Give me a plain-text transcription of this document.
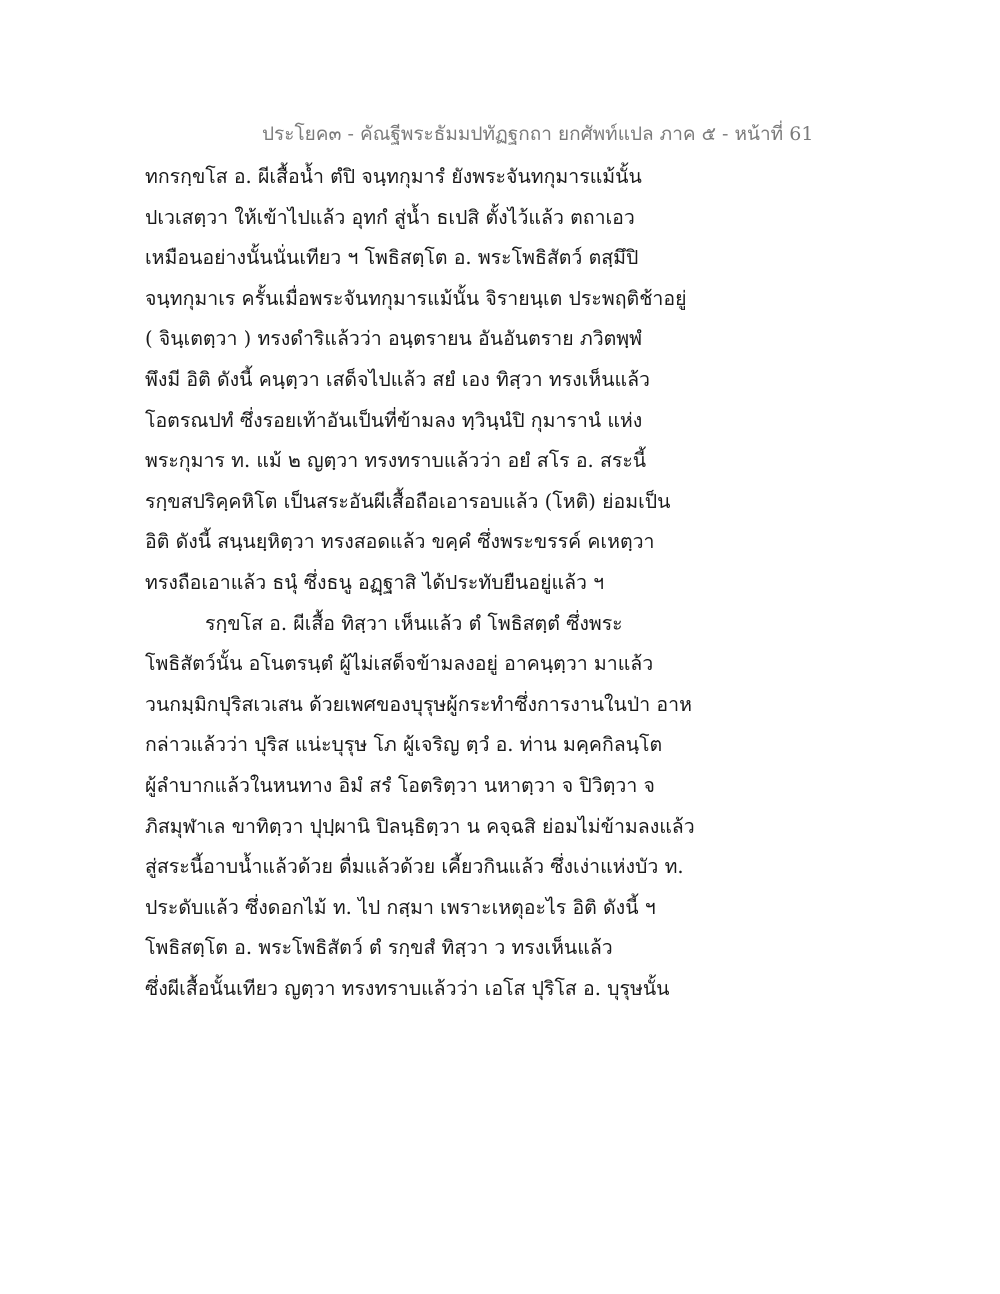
ประโยค๓ - คัณฐีพระธัมมปทัฏฐกถา ยกศัพท์แปล ภาค ๕ - หน้าที่ 61
ทกรกฺขโส อ. ผีเสื้อน้ำ ตํปิ จนฺทกุมารํ ยังพระจันทกุมารแม้นั้น
ปเวเสตฺวา ให้เข้าไปแล้ว อุทกํ สู่น้ำ ธเปสิ ตั้งไว้แล้ว ตถาเอว
เหมือนอย่างนั้นนั่นเทียว ฯ โพธิสตฺโต อ. พระโพธิสัตว์ ตสฺมึปิ
จนฺทกุมาเร ครั้นเมื่อพระจันทกุมารแม้นั้น จิรายนฺเต ประพฤติช้าอยู่
( จินฺเตตฺวา ) ทรงดำริแล้วว่า อนฺตรายน อันอันตราย ภวิตพฺพํ
พึงมี อิติ ดังนี้ คนฺตฺวา เสด็จไปแล้ว สยํ เอง ทิสฺวา ทรงเห็นแล้ว
โอตรณปทํ ซึ่งรอยเท้าอันเป็นที่ข้ามลง ทฺวินฺนํปิ กุมารานํ แห่ง
พระกุมาร ท. แม้ ๒ ญตฺวา ทรงทราบแล้วว่า อยํ สโร อ. สระนี้
รกฺขสปริคฺคหิโต เป็นสระอันผีเสื้อถือเอารอบแล้ว (โหติ) ย่อมเป็น
อิติ ดังนี้ สนฺนยฺหิตฺวา ทรงสอดแล้ว ขคฺคํ ซึ่งพระขรรค์ คเหตฺวา
ทรงถือเอาแล้ว ธนุํ ซึ่งธนู อฏฺฐาสิ ได้ประทับยืนอยู่แล้ว ฯ
รกฺขโส อ. ผีเสื้อ ทิสฺวา เห็นแล้ว ตํ โพธิสตฺตํ ซึ่งพระ
โพธิสัตว์นั้น อโนตรนฺตํ ผู้ไม่เสด็จข้ามลงอยู่ อาคนฺตฺวา มาแล้ว
วนกมฺมิกปุริสเวเสน ด้วยเพศของบุรุษผู้กระทำซึ่งการงานในป่า อาห
กล่าวแล้วว่า ปุริส แน่ะบุรุษ โภ ผู้เจริญ ตฺวํ อ. ท่าน มคฺคกิลนฺโต
ผู้ลำบากแล้วในหนทาง อิมํ สรํ โอตริตฺวา นหาตฺวา จ ปิวิตฺวา จ
ภิสมุฬาเล ขาทิตฺวา ปุปฺผานิ ปิลนฺธิตฺวา น คจฺฉสิ ย่อมไม่ข้ามลงแล้ว
สู่สระนี้อาบน้ำแล้วด้วย ดื่มแล้วด้วย เคี้ยวกินแล้ว ซึ่งเง่าแห่งบัว ท.
ประดับแล้ว ซึ่งดอกไม้ ท. ไป กสฺมา เพราะเหตุอะไร อิติ ดังนี้ ฯ
โพธิสตฺโต อ. พระโพธิสัตว์ ตํ รกฺขสํ ทิสฺวา ว ทรงเห็นแล้ว
ซึ่งผีเสื้อนั้นเทียว ญตฺวา ทรงทราบแล้วว่า เอโส ปุริโส อ. บุรุษนั้น
